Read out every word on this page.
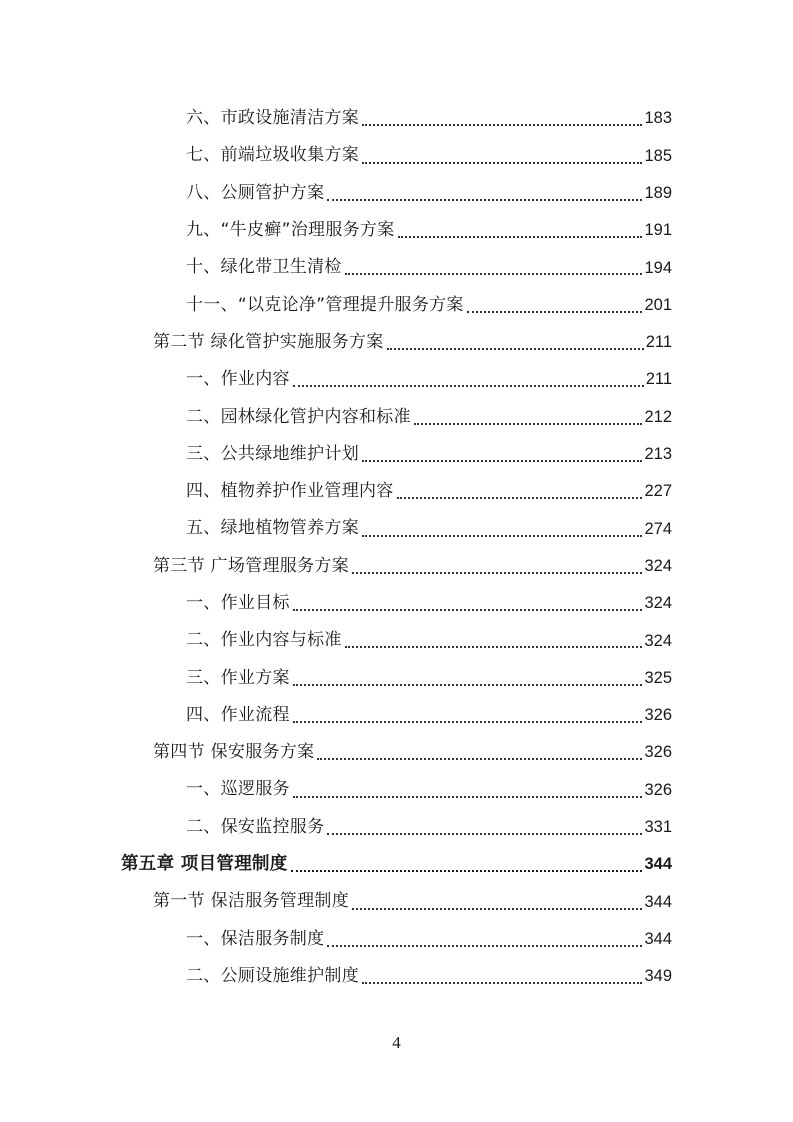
六、市政设施清洁方案	183
七、前端垃圾收集方案	185
八、公厕管护方案	189
九、“牛皮癣”治理服务方案	191
十、绿化带卫生清检	194
十一、“以克论净”管理提升服务方案	201
第二节 绿化管护实施服务方案	211
一、作业内容	211
二、园林绿化管护内容和标准	212
三、公共绿地维护计划	213
四、植物养护作业管理内容	227
五、绿地植物管养方案	274
第三节 广场管理服务方案	324
一、作业目标	324
二、作业内容与标准	324
三、作业方案	325
四、作业流程	326
第四节 保安服务方案	326
一、巡逻服务	326
二、保安监控服务	331
第五章 项目管理制度	344
第一节 保洁服务管理制度	344
一、保洁服务制度	344
二、公厕设施维护制度	349
4
